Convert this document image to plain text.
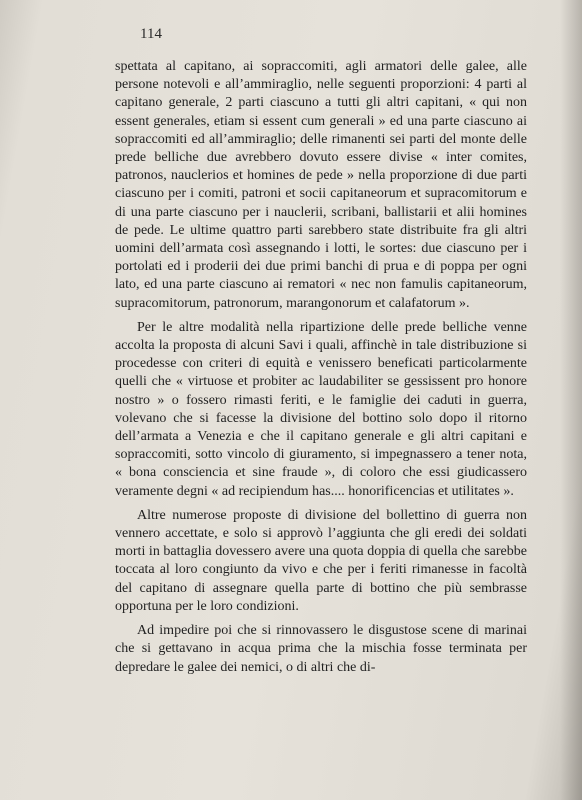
114

spettata al capitano, ai sopraccomiti, agli armatori delle galee, alle persone notevoli e all’ammiraglio, nelle seguenti proporzioni: 4 parti al capitano generale, 2 parti ciascuno a tutti gli altri capitani, « qui non essent generales, etiam si essent cum generali » ed una parte ciascuno ai sopraccomiti ed all’ammiraglio; delle rimanenti sei parti del monte delle prede belliche due avrebbero dovuto essere divise « inter comites, patronos, nauclerios et homines de pede » nella proporzione di due parti ciascuno per i comiti, patroni et socii capitaneorum et supracomitorum e di una parte ciascuno per i nauclerii, scribani, ballistarii et alii homines de pede. Le ultime quattro parti sarebbero state distribuite fra gli altri uomini dell’armata così assegnando i lotti, le sortes: due ciascuno per i portolati ed i proderii dei due primi banchi di prua e di poppa per ogni lato, ed una parte ciascuno ai rematori « nec non famulis capitaneorum, supracomitorum, patronorum, marangonorum et calafatorum ».

Per le altre modalità nella ripartizione delle prede belliche venne accolta la proposta di alcuni Savi i quali, affinchè in tale distribuzione si procedesse con criteri di equità e venissero beneficati particolarmente quelli che « virtuose et probiter ac laudabiliter se gessissent pro honore nostro » o fossero rimasti feriti, e le famiglie dei caduti in guerra, volevano che si facesse la divisione del bottino solo dopo il ritorno dell’armata a Venezia e che il capitano generale e gli altri capitani e sopraccomiti, sotto vincolo di giuramento, si impegnassero a tener nota, « bona consciencia et sine fraude », di coloro che essi giudicassero veramente degni « ad recipiendum has.... honorificencias et utilitates ».

Altre numerose proposte di divisione del bollettino di guerra non vennero accettate, e solo si approvò l’aggiunta che gli eredi dei soldati morti in battaglia dovessero avere una quota doppia di quella che sarebbe toccata al loro congiunto da vivo e che per i feriti rimanesse in facoltà del capitano di assegnare quella parte di bottino che più sembrasse opportuna per le loro condizioni.

Ad impedire poi che si rinnovassero le disgustose scene di marinai che si gettavano in acqua prima che la mischia fosse terminata per depredare le galee dei nemici, o di altri che di-
